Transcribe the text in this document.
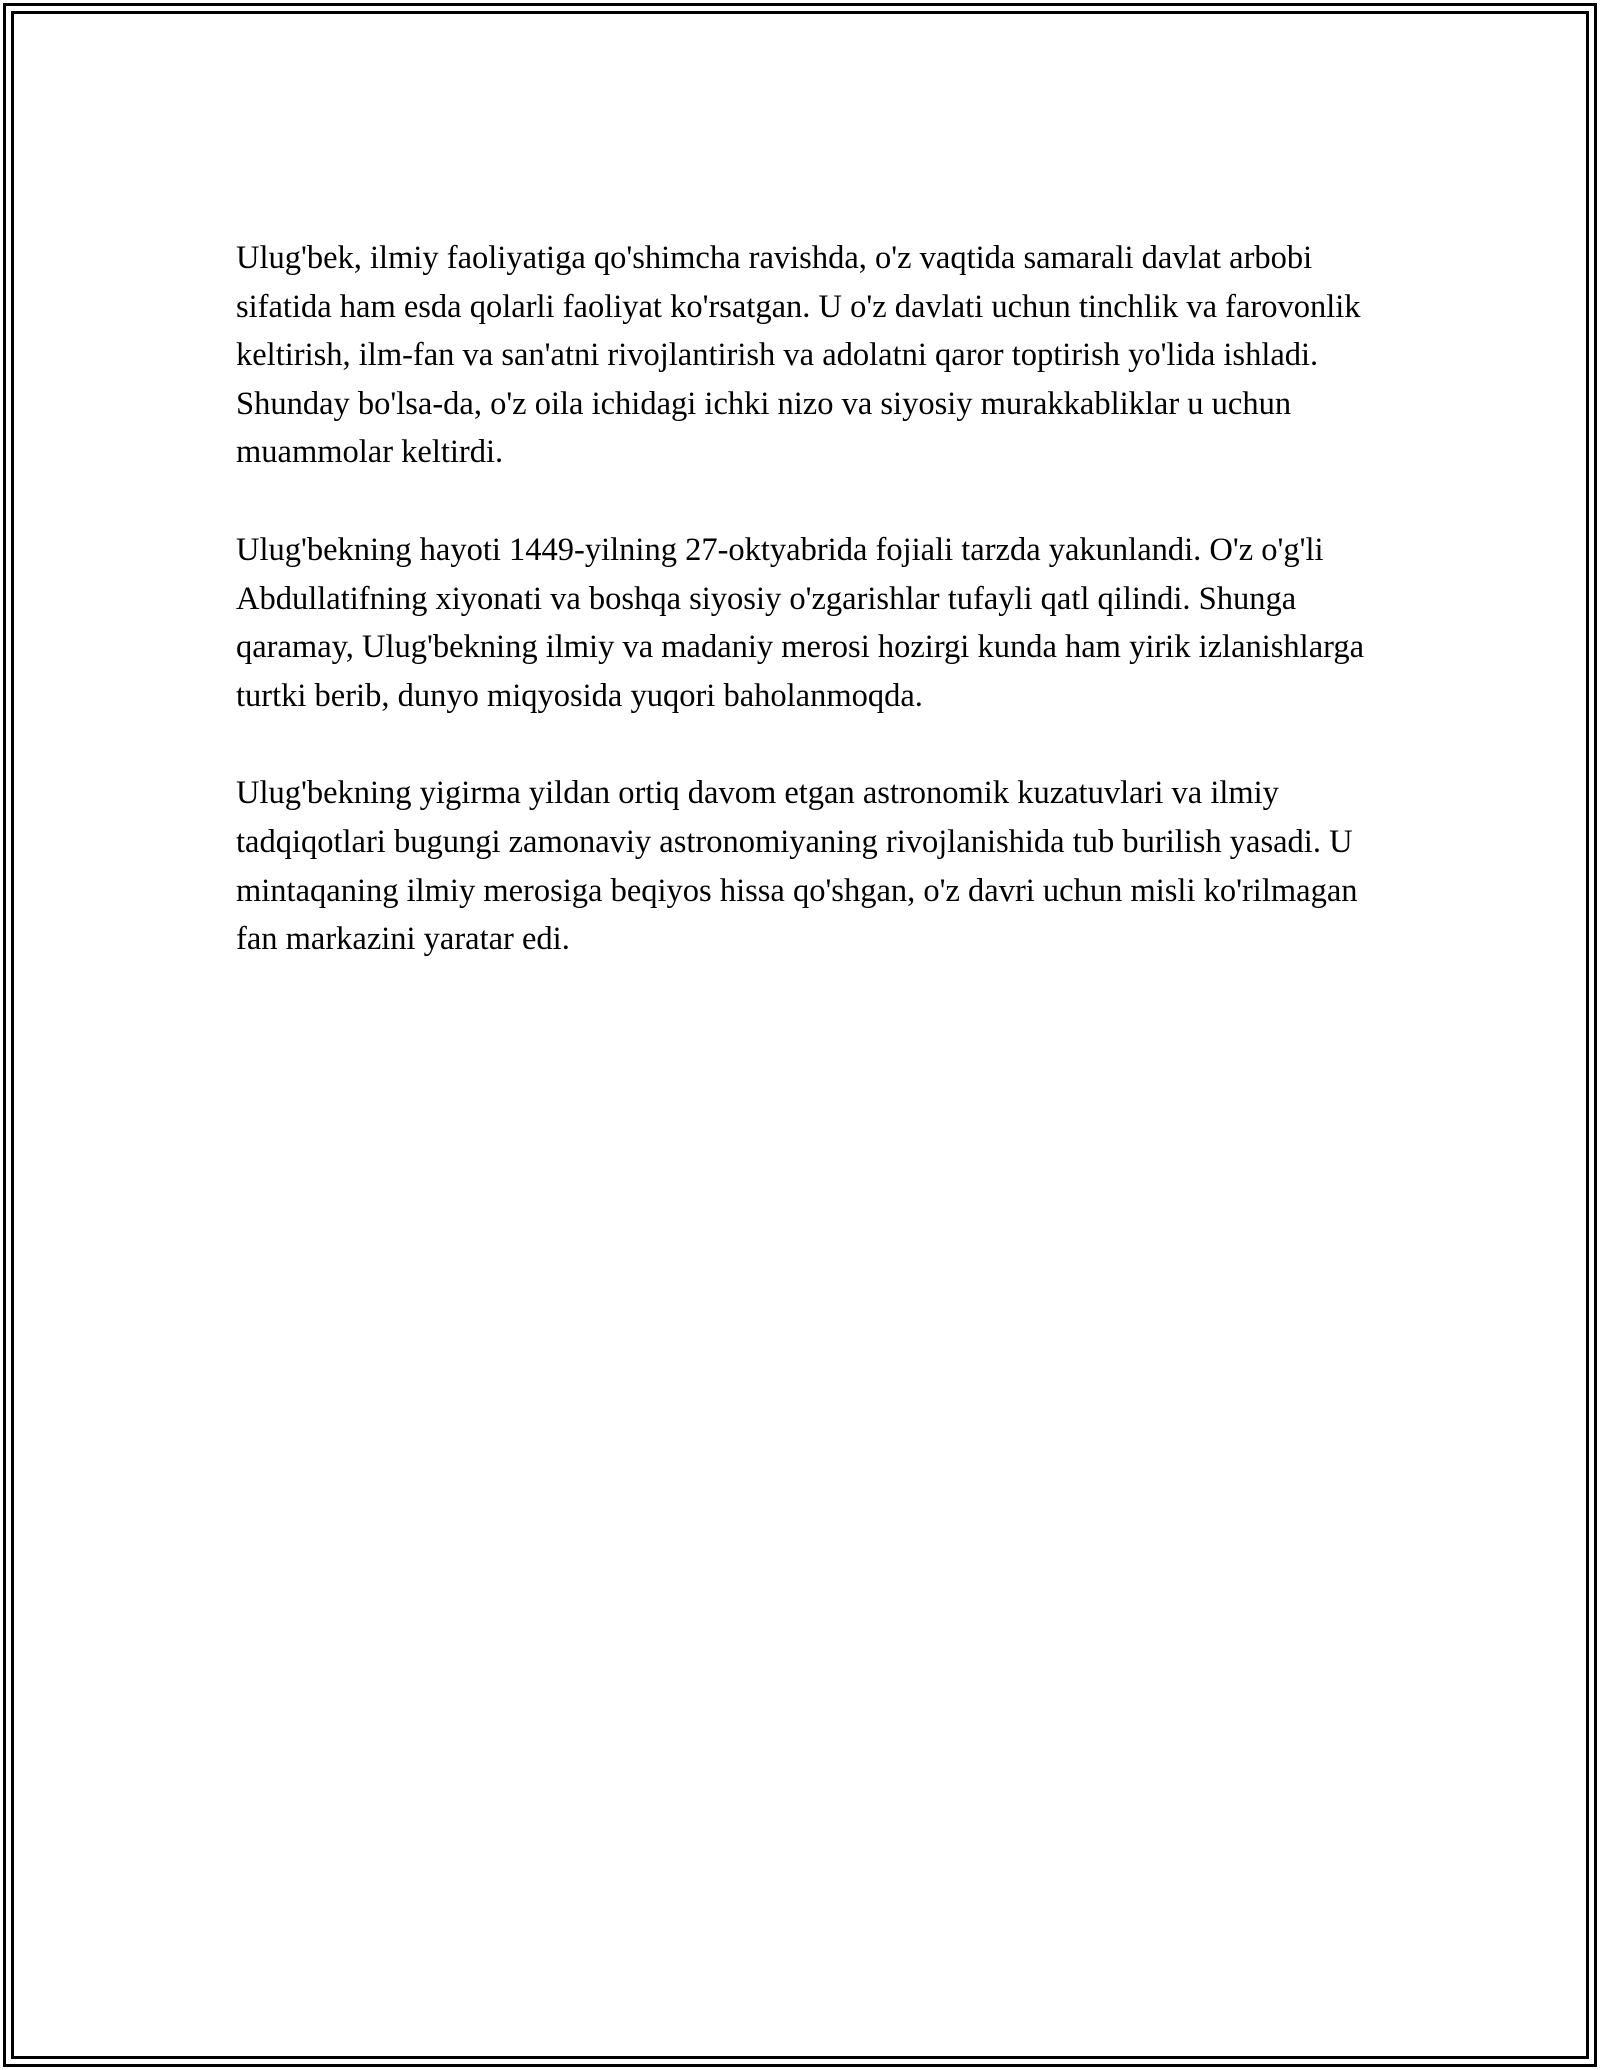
Ulug'bek, ilmiy faoliyatiga qo'shimcha ravishda, o'z vaqtida samarali davlat arbobi sifatida ham esda qolarli faoliyat ko'rsatgan. U o'z davlati uchun tinchlik va farovonlik keltirish, ilm-fan va san'atni rivojlantirish va adolatni qaror toptirish yo'lida ishladi. Shunday bo'lsa-da, o'z oila ichidagi ichki nizo va siyosiy murakkabliklar u uchun muammolar keltirdi.

Ulug'bekning hayoti 1449-yilning 27-oktyabrida fojiali tarzda yakunlandi. O'z o'g'li Abdullatifning xiyonati va boshqa siyosiy o'zgarishlar tufayli qatl qilindi. Shunga qaramay, Ulug'bekning ilmiy va madaniy merosi hozirgi kunda ham yirik izlanishlarga turtki berib, dunyo miqyosida yuqori baholanmoqda.

Ulug'bekning yigirma yildan ortiq davom etgan astronomik kuzatuvlari va ilmiy tadqiqotlari bugungi zamonaviy astronomiyaning rivojlanishida tub burilish yasadi. U mintaqaning ilmiy merosiga beqiyos hissa qo'shgan, o'z davri uchun misli ko'rilmagan fan markazini yaratar edi.
